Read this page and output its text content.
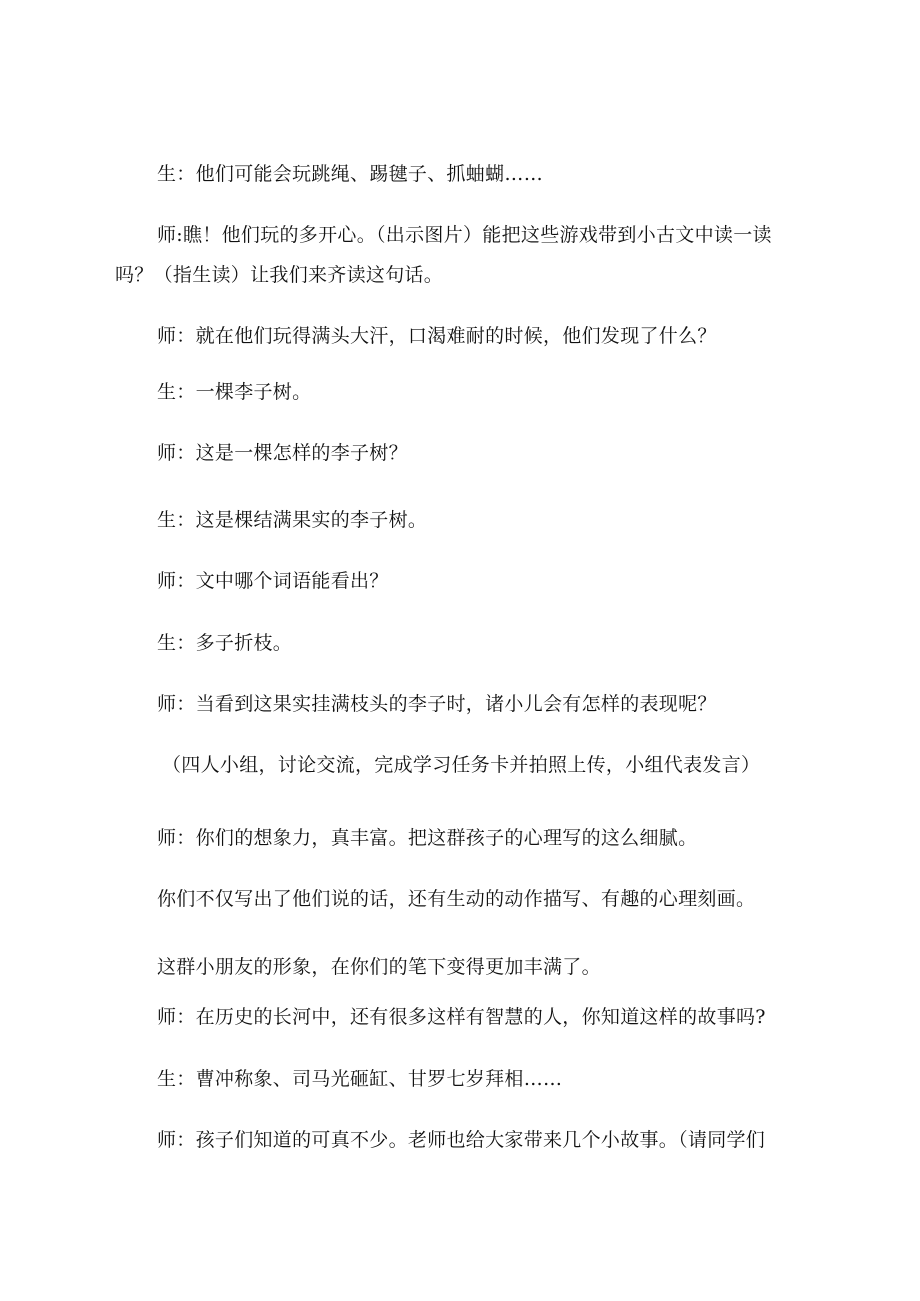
生：他们可能会玩跳绳、踢毽子、抓蚰蝴……
师:瞧！他们玩的多开心。（出示图片）能把这些游戏带到小古文中读一读
吗？（指生读）让我们来齐读这句话。
师：就在他们玩得满头大汗，口渴难耐的时候，他们发现了什么？
生：一棵李子树。
师：这是一棵怎样的李子树？
生：这是棵结满果实的李子树。
师：文中哪个词语能看出？
生：多子折枝。
师：当看到这果实挂满枝头的李子时，诸小儿会有怎样的表现呢？
（四人小组，讨论交流，完成学习任务卡并拍照上传，小组代表发言）
师：你们的想象力，真丰富。把这群孩子的心理写的这么细腻。
你们不仅写出了他们说的话，还有生动的动作描写、有趣的心理刻画。
这群小朋友的形象，在你们的笔下变得更加丰满了。
师：在历史的长河中，还有很多这样有智慧的人，你知道这样的故事吗?
生：曹冲称象、司马光砸缸、甘罗七岁拜相……
师：孩子们知道的可真不少。老师也给大家带来几个小故事。（请同学们
